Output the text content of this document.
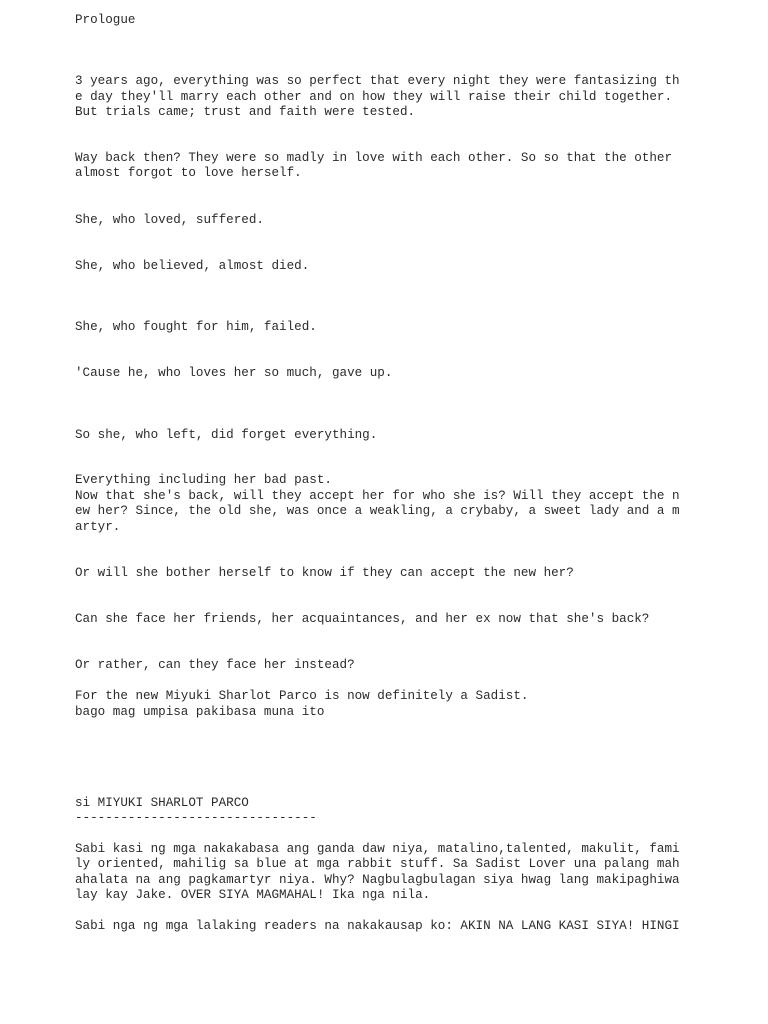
Prologue

3 years ago, everything was so perfect that every night they were fantasizing th

e day they'll marry each other and on how they will raise their child together.

But trials came; trust and faith were tested.

Way back then? They were so madly in love with each other. So so that the other

almost forgot to love herself.

She, who loved, suffered.

She, who believed, almost died.

She, who fought for him, failed.

'Cause he, who loves her so much, gave up.

So she, who left, did forget everything.

Everything including her bad past.

Now that she's back, will they accept her for who she is? Will they accept the n

ew her? Since, the old she, was once a weakling, a crybaby, a sweet lady and a m

artyr.

Or will she bother herself to know if they can accept the new her?

Can she face her friends, her acquaintances, and her ex now that she's back?

Or rather, can they face her instead?

For the new Miyuki Sharlot Parco is now definitely a Sadist.

bago mag umpisa pakibasa muna ito

si MIYUKI SHARLOT PARCO

--------------------------------

Sabi kasi ng mga nakakabasa ang ganda daw niya, matalino,talented, makulit, fami

ly oriented, mahilig sa blue at mga rabbit stuff. Sa Sadist Lover una palang mah

ahalata na ang pagkamartyr niya. Why? Nagbulagbulagan siya hwag lang makipaghiwa

lay kay Jake. OVER SIYA MAGMAHAL! Ika nga nila.

Sabi nga ng mga lalaking readers na nakakausap ko: AKIN NA LANG KASI SIYA! HINGI
